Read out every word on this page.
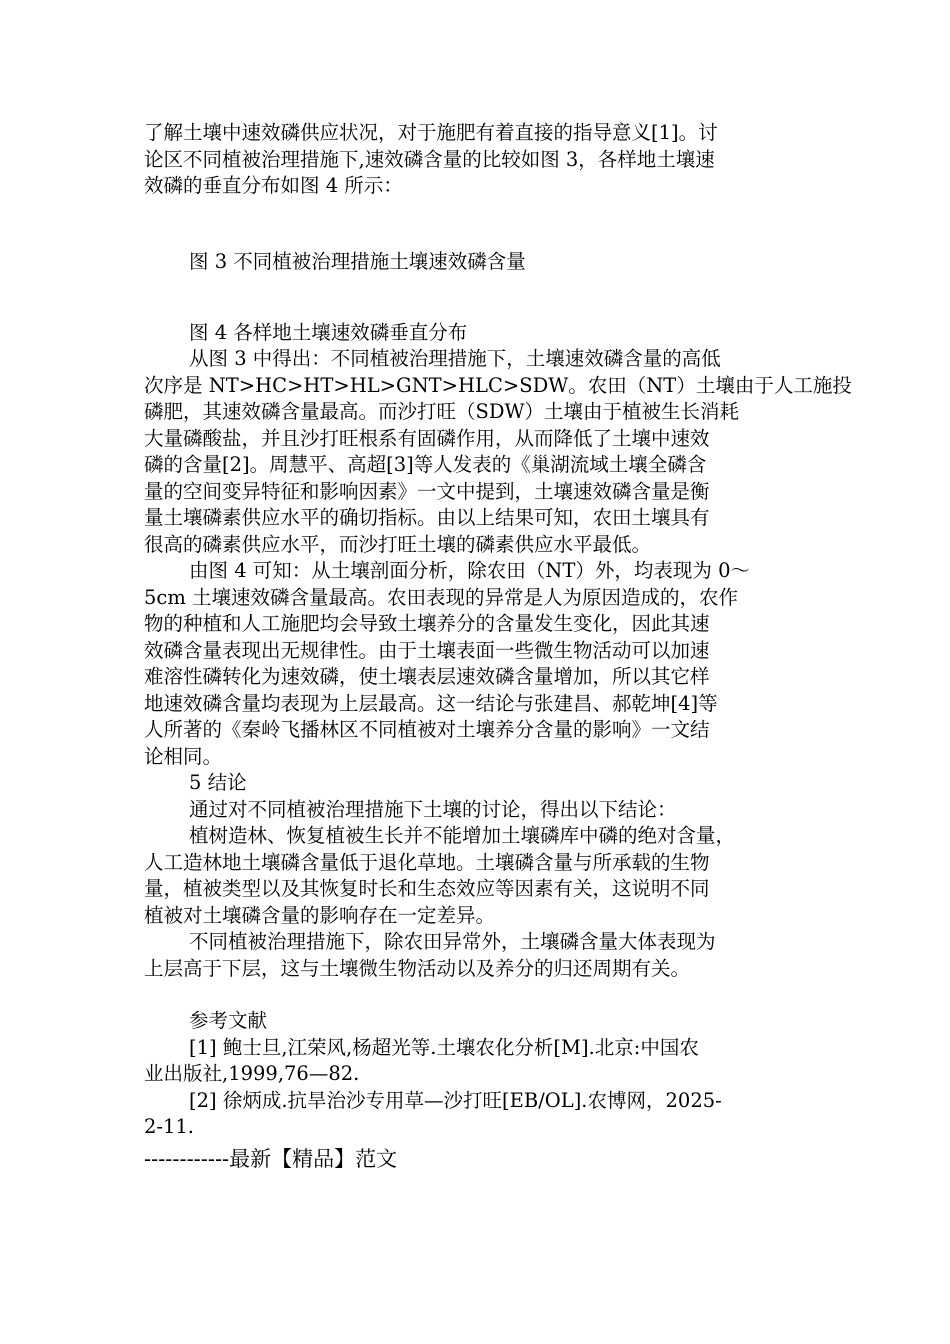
了解土壤中速效磷供应状况，对于施肥有着直接的指导意义[1]。讨

论区不同植被治理措施下,速效磷含量的比较如图 3，各样地土壤速

效磷的垂直分布如图 4 所示：

图 3 不同植被治理措施土壤速效磷含量
图 4 各样地土壤速效磷垂直分布

从图 3 中得出：不同植被治理措施下，土壤速效磷含量的高低

次序是 NT>HC>HT>HL>GNT>HLC>SDW。农田（NT）土壤由于人工施投

磷肥，其速效磷含量最高。而沙打旺（SDW）土壤由于植被生长消耗

大量磷酸盐，并且沙打旺根系有固磷作用，从而降低了土壤中速效

磷的含量[2]。周慧平、高超[3]等人发表的《巢湖流域土壤全磷含

量的空间变异特征和影响因素》一文中提到，土壤速效磷含量是衡

量土壤磷素供应水平的确切指标。由以上结果可知，农田土壤具有

很高的磷素供应水平，而沙打旺土壤的磷素供应水平最低。

由图 4 可知：从土壤剖面分析，除农田（NT）外，均表现为 0～

5cm 土壤速效磷含量最高。农田表现的异常是人为原因造成的，农作

物的种植和人工施肥均会导致土壤养分的含量发生变化，因此其速

效磷含量表现出无规律性。由于土壤表面一些微生物活动可以加速

难溶性磷转化为速效磷，使土壤表层速效磷含量增加，所以其它样

地速效磷含量均表现为上层最高。这一结论与张建昌、郝乾坤[4]等

人所著的《秦岭飞播林区不同植被对土壤养分含量的影响》一文结

论相同。

5 结论

通过对不同植被治理措施下土壤的讨论，得出以下结论：

植树造林、恢复植被生长并不能增加土壤磷库中磷的绝对含量，

人工造林地土壤磷含量低于退化草地。土壤磷含量与所承载的生物

量，植被类型以及其恢复时长和生态效应等因素有关，这说明不同

植被对土壤磷含量的影响存在一定差异。

不同植被治理措施下，除农田异常外，土壤磷含量大体表现为

上层高于下层，这与土壤微生物活动以及养分的归还周期有关。

参考文献

[1] 鲍士旦,江荣风,杨超光等.土壤农化分析[M].北京:中国农

业出版社,1999,76—82.

[2] 徐炳成.抗旱治沙专用草—沙打旺[EB/OL].农博网，2025-

2-11.

------------最新【精品】范文
